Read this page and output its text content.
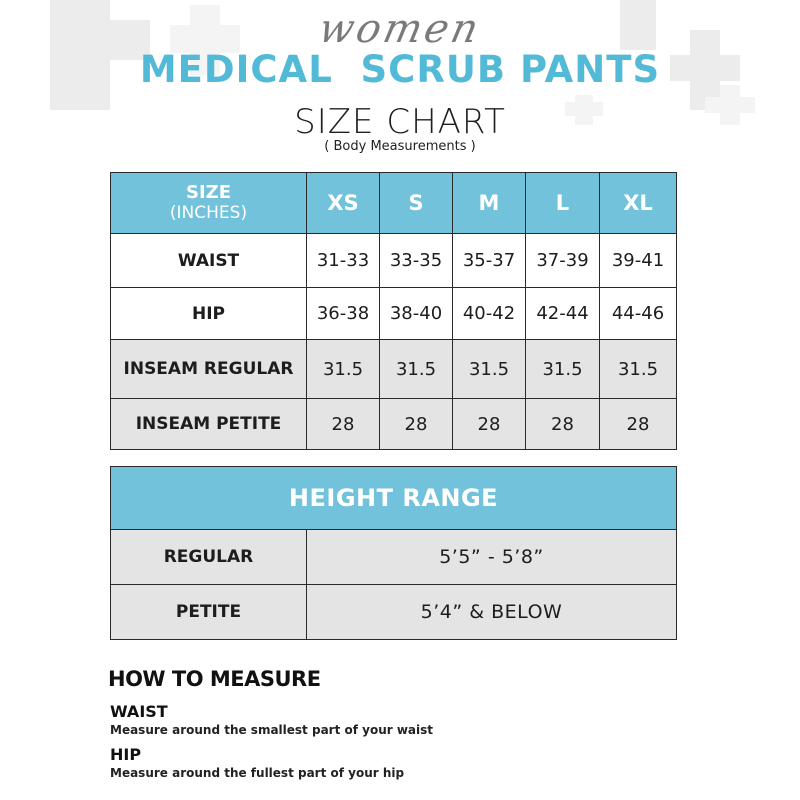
women
MEDICAL  SCRUB PANTS
SIZE CHART
( Body Measurements )
SIZE

(INCHES)	XS	S	M	L	XL
WAIST	31-33	33-35	35-37	37-39	39-41
HIP	36-38	38-40	40-42	42-44	44-46
INSEAM REGULAR	31.5	31.5	31.5	31.5	31.5
INSEAM PETITE	28	28	28	28	28
HEIGHT RANGE	
REGULAR	5’5” - 5’8”
PETITE	5’4” & BELOW
HOW TO MEASURE
WAIST
Measure around the smallest part of your waist
HIP
Measure around the fullest part of your hip
